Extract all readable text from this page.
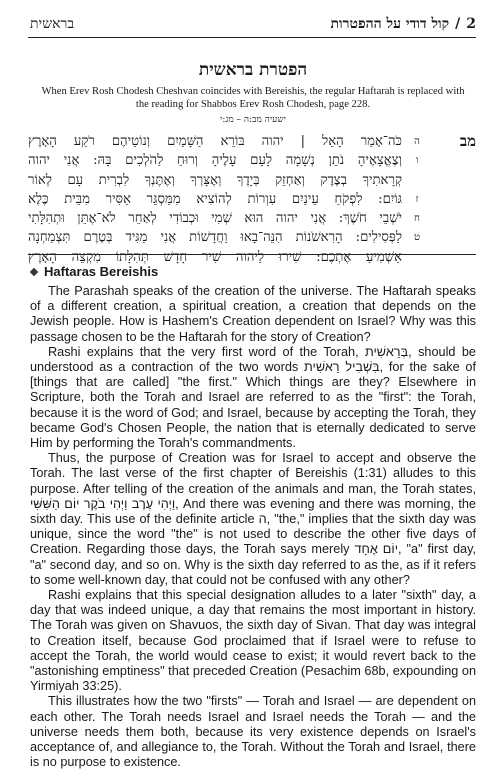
בראשית	2
/
קול דודי על ההפטרות
הפטרת בראשית
When Erev Rosh Chodesh Cheshvan coincides with Bereishis, the regular Haftarah is replaced with the reading for Shabbos Erev Rosh Chodesh, page 228.
ישעיה מב:ה – מג:י
מב
ה
ו
ז
ח
ט
כֹּה־אָמַר הָאֵל | יהוה בּוֹרֵא הַשָּׁמַיִם וְנוֹטֵיהֶם רֹקַע הָאָרֶץ
וְצֶאֱצָאֶיהָ נֹתֵן נְשָׁמָה לָעָם עָלֶיהָ וְרוּחַ לַהֹלְכִים בָּהּ: אֲנִי יהוה
קְרָאתִיךָ בְצֶדֶק וְאַחְזֵק בְּיָדֶךָ וְאֶצָּרְךָ וְאֶתֶּנְךָ לִבְרִית עָם לְאוֹר
גּוֹיִם: לִפְקֹחַ עֵינַיִם עִוְרוֹת לְהוֹצִיא מִמַּסְגֵּר אַסִּיר מִבֵּית כֶּלֶא
יֹשְׁבֵי חֹשֶׁךְ: אֲנִי יהוה הוּא שְׁמִי וּכְבוֹדִי לְאַחֵר לֹא־אֶתֵּן וּתְהִלָּתִי
לַפְּסִילִים: הָרִאשֹׁנוֹת הִנֵּה־בָאוּ וַחֲדָשׁוֹת אֲנִי מַגִּיד בְּטֶרֶם תִּצְמַחְנָה
אַשְׁמִיעַ אֶתְכֶם: שִׁירוּ לַיהוה שִׁיר חָדָשׁ תְּהִלָּתוֹ מִקְצֵה הָאָרֶץ
Haftaras Bereishis

The Parashah speaks of the creation of the universe. The Haftarah speaks of a different creation, a spiritual creation, a creation that depends on the Jewish people. How is Hashem's Creation dependent on Israel? Why was this passage chosen to be the Haftarah for the story of Creation?

Rashi explains that the very first word of the Torah, בְּרֵאשִׁית, should be understood as a contraction of the two words בִּשְׁבִיל רֵאשִׁית, for the sake of [things that are called] "the first." Which things are they? Elsewhere in Scripture, both the Torah and Israel are referred to as the "first": the Torah, because it is the word of God; and Israel, because by accepting the Torah, they became God's Chosen People, the nation that is eternally dedicated to serve Him by performing the Torah's commandments.

Thus, the purpose of Creation was for Israel to accept and observe the Torah. The last verse of the first chapter of Bereishis (1:31) alludes to this purpose. After telling of the creation of the animals and man, the Torah states, וַיְהִי עֶרֶב וַיְהִי בֹקֶר יוֹם הַשִּׁשִּׁי, And there was evening and there was morning, the sixth day. This use of the definite article ה, "the," implies that the sixth day was unique, since the word "the" is not used to describe the other five days of Creation. Regarding those days, the Torah says merely יוֹם אֶחָד, "a" first day, "a" second day, and so on. Why is the sixth day referred to as the, as if it refers to some well-known day, that could not be confused with any other?

Rashi explains that this special designation alludes to a later "sixth" day, a day that was indeed unique, a day that remains the most important in history. The Torah was given on Shavuos, the sixth day of Sivan. That day was integral to Creation itself, because God proclaimed that if Israel were to refuse to accept the Torah, the world would cease to exist; it would revert back to the "astonishing emptiness" that preceded Creation (Pesachim 68b, expounding on Yirmiyah 33:25).

This illustrates how the two "firsts" — Torah and Israel — are dependent on each other. The Torah needs Israel and Israel needs the Torah — and the universe needs them both, because its very existence depends on Israel's acceptance of, and allegiance to, the Torah. Without the Torah and Israel, there is no purpose to existence.
